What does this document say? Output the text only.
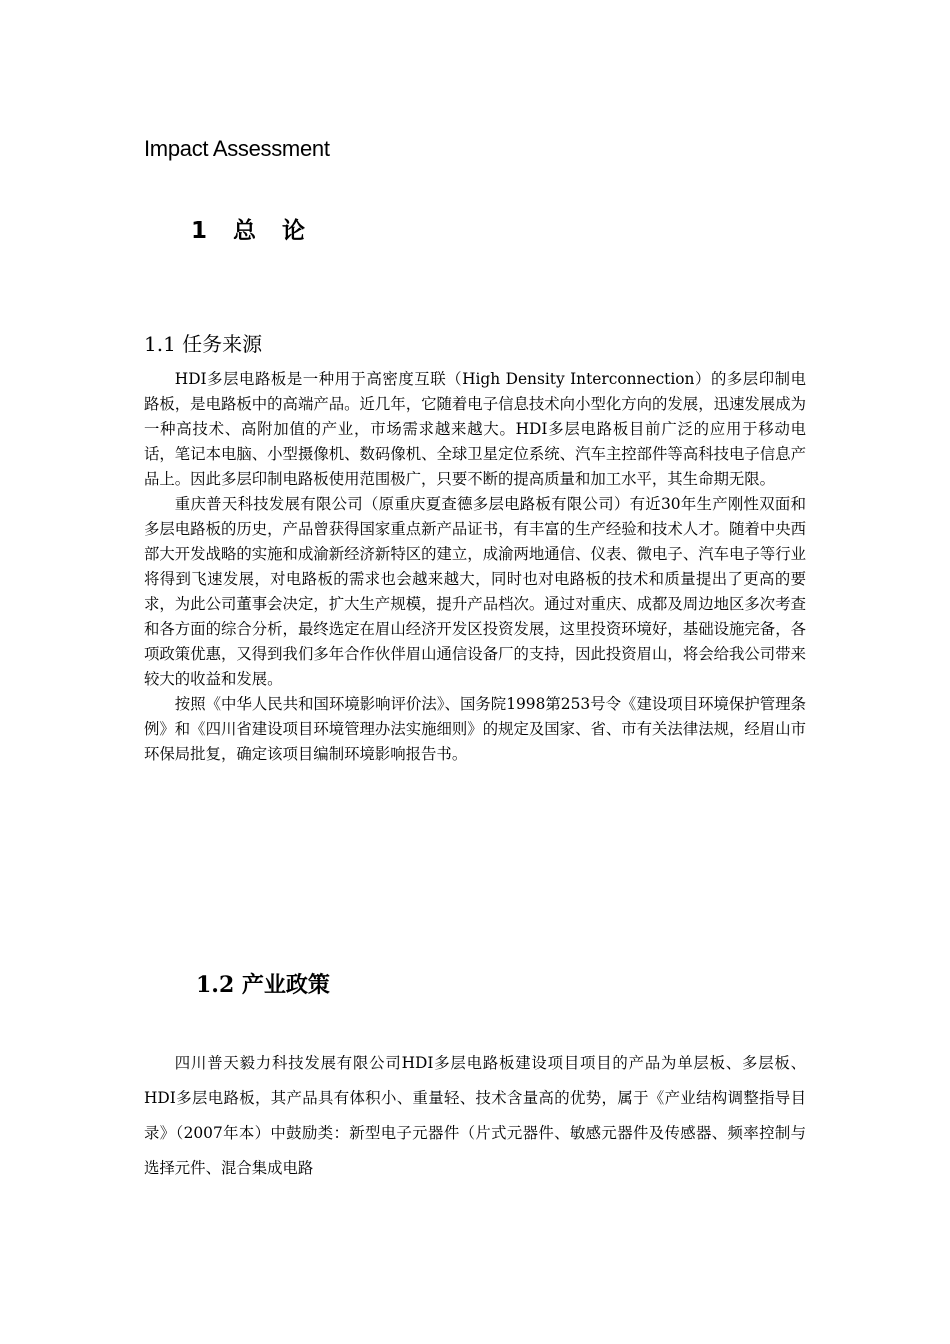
Impact Assessment
1 总 论
1.1 任务来源

HDI多层电路板是一种用于高密度互联（High Density Interconnection）的多层印制电路板，是电路板中的高端产品。近几年，它随着电子信息技术向小型化方向的发展，迅速发展成为一种高技术、高附加值的产业，市场需求越来越大。HDI多层电路板目前广泛的应用于移动电话，笔记本电脑、小型摄像机、数码像机、全球卫星定位系统、汽车主控部件等高科技电子信息产品上。因此多层印制电路板使用范围极广，只要不断的提高质量和加工水平，其生命期无限。

重庆普天科技发展有限公司（原重庆夏查德多层电路板有限公司）有近30年生产刚性双面和多层电路板的历史，产品曾获得国家重点新产品证书，有丰富的生产经验和技术人才。随着中央西部大开发战略的实施和成渝新经济新特区的建立，成渝两地通信、仪表、微电子、汽车电子等行业将得到飞速发展，对电路板的需求也会越来越大，同时也对电路板的技术和质量提出了更高的要求，为此公司董事会决定，扩大生产规模，提升产品档次。通过对重庆、成都及周边地区多次考查和各方面的综合分析，最终选定在眉山经济开发区投资发展，这里投资环境好，基础设施完备，各项政策优惠，又得到我们多年合作伙伴眉山通信设备厂的支持，因此投资眉山，将会给我公司带来较大的收益和发展。

按照《中华人民共和国环境影响评价法》、国务院1998第253号令《建设项目环境保护管理条例》和《四川省建设项目环境管理办法实施细则》的规定及国家、省、市有关法律法规，经眉山市环保局批复，确定该项目编制环境影响报告书。

1.2 产业政策

四川普天毅力科技发展有限公司HDI多层电路板建设项目项目的产品为单层板、多层板、HDI多层电路板，其产品具有体积小、重量轻、技术含量高的优势，属于《产业结构调整指导目录》（2007年本）中鼓励类：新型电子元器件（片式元器件、敏感元器件及传感器、频率控制与选择元件、混合集成电路
